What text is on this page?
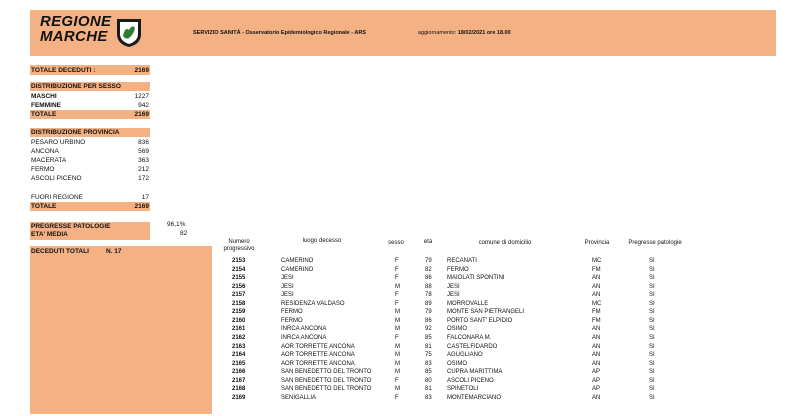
REGIONE
MARCHE	SERVIZIO SANITÀ - Osservatorio Epidemiologico Regionale - ARS	aggiornamento: 18/02/2021 ore 18.00
TOTALE DECEDUTI :	2169
DISTRIBUZIONE PER SESSO
MASCHI	1227
FEMMINE	942
TOTALE	2169
DISTRIBUZIONE PROVINCIA
PESARO URBINO	836
ANCONA	569
MACERATA	363
FERMO	212
ASCOLI PICENO	172
FUORI REGIONE	17
TOTALE	2169
PREGRESSE PATOLOGIE	96,1%
ETA' MEDIA	82
DECEDUTI TOTALI	N. 17
Numero progressivo
luogo decesso	sesso	età	comune di domicilio	Provincia	Pregresse patologie
2153	CAMERINO	F	79	RECANATI	MC	SI
2154	CAMERINO	F	82	FERMO	FM	SI
2155	JESI	F	86	MAIOLATI SPONTINI	AN	SI
2156	JESI	M	88	JESI	AN	SI
2157	JESI	F	78	JESI	AN	SI
2158	RESIDENZA VALDASO	F	89	MORROVALLE	MC	SI
2159	FERMO	M	79	MONTE SAN PIETRANGELI	FM	SI
2160	FERMO	M	86	PORTO SANT' ELPIDIO	FM	SI
2161	INRCA ANCONA	M	92	OSIMO	AN	SI
2162	INRCA ANCONA	F	85	FALCONARA M.	AN	SI
2163	AOR TORRETTE ANCONA	M	81	CASTELFIDARDO	AN	SI
2164	AOR TORRETTE ANCONA	M	75	AGUGLIANO	AN	SI
2165	AOR TORRETTE ANCONA	M	83	OSIMO	AN	SI
2166	SAN BENEDETTO DEL TRONTO	M	85	CUPRA MARITTIMA	AP	SI
2167	SAN BENEDETTO DEL TRONTO	F	80	ASCOLI PICENO	AP	SI
2168	SAN BENEDETTO DEL TRONTO	M	81	SPINETOLI	AP	SI
2169	SENIGALLIA	F	83	MONTEMARCIANO	AN	SI
